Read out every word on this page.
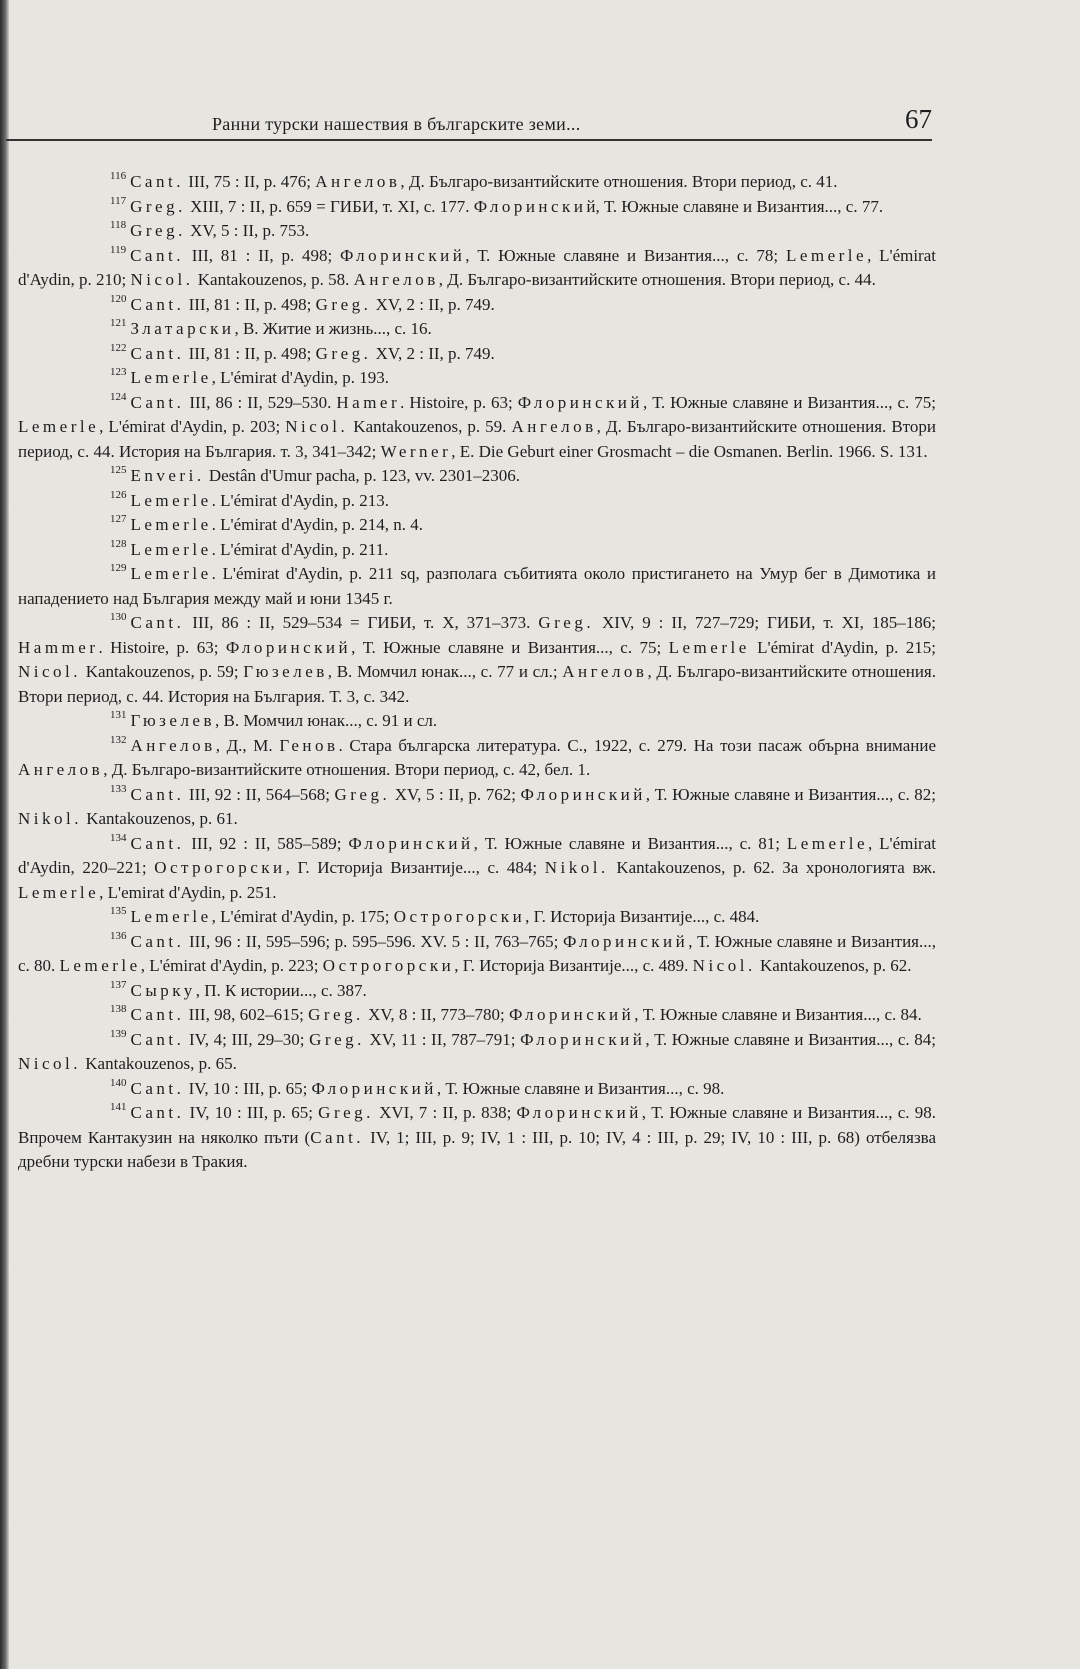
Ранни турски нашествия в българските земи...	67

$^{116}$ Cant. III, 75 : II, p. 476; Ангелов, Д. Българо-византийските отношения. Втори период, с. 41.

$^{117}$ Greg. XIII, 7 : II, p. 659 = ГИБИ, т. XI, с. 177. Флоринский, Т. Южные славяне и Византия..., с. 77.

$^{118}$ Greg. XV, 5 : II, p. 753.

$^{119}$ Cant. III, 81 : II, p. 498; Флоринский, Т. Южные славяне и Византия..., с. 78; Lemerle, L'émirat d'Aydin, p. 210; Nicol. Kantakouzenos, p. 58. Ангелов, Д. Българо-византийските отношения. Втори период, с. 44.

$^{120}$ Cant. III, 81 : II, p. 498; Greg. XV, 2 : II, p. 749.

$^{121}$ Златарски, В. Житие и жизнь..., с. 16.

$^{122}$ Cant. III, 81 : II, p. 498; Greg. XV, 2 : II, p. 749.

$^{123}$ Lemerle, L'émirat d'Aydin, p. 193.

$^{124}$ Cant. III, 86 : II, 529–530. Hamer. Histoire, p. 63; Флоринский, Т. Южные славяне и Византия..., с. 75; Lemerle, L'émirat d'Aydin, p. 203; Nicol. Kantakouzenos, p. 59. Ангелов, Д. Българо-византийските отношения. Втори период, с. 44. История на България. т. 3, 341–342; Werner, E. Die Geburt einer Grosmacht – die Osmanen. Berlin. 1966. S. 131.

$^{125}$ Enveri. Destân d'Umur pacha, p. 123, vv. 2301–2306.

$^{126}$ Lemerle. L'émirat d'Aydin, p. 213.

$^{127}$ Lemerle. L'émirat d'Aydin, p. 214, n. 4.

$^{128}$ Lemerle. L'émirat d'Aydin, p. 211.

$^{129}$ Lemerle. L'émirat d'Aydin, p. 211 sq, разполага събитията около пристигането на Умур бег в Димотика и нападението над България между май и юни 1345 г.

$^{130}$ Cant. III, 86 : II, 529–534 = ГИБИ, т. X, 371–373. Greg. XIV, 9 : II, 727–729; ГИБИ, т. XI, 185–186; Hammer. Histoire, p. 63; Флоринский, Т. Южные славяне и Византия..., с. 75; Lemerle L'émirat d'Aydin, p. 215; Nicol. Kantakouzenos, p. 59; Гюзелев, В. Момчил юнак..., с. 77 и сл.; Ангелов, Д. Българо-византийските отношения. Втори период, с. 44. История на България. Т. 3, с. 342.

$^{131}$ Гюзелев, В. Момчил юнак..., с. 91 и сл.

$^{132}$ Ангелов, Д., М. Генов. Стара българска литература. С., 1922, с. 279. На този пасаж обърна внимание Ангелов, Д. Българо-византийските отношения. Втори период, с. 42, бел. 1.

$^{133}$ Cant. III, 92 : II, 564–568; Greg. XV, 5 : II, p. 762; Флоринский, Т. Южные славяне и Византия..., с. 82; Nikol. Kantakouzenos, p. 61.

$^{134}$ Cant. III, 92 : II, 585–589; Флоринский, Т. Южные славяне и Византия..., с. 81; Lemerle, L'émirat d'Aydin, 220–221; Острогорски, Г. Историја Византије..., с. 484; Nikol. Kantakouzenos, p. 62. За хронологията вж. Lemerle, L'emirat d'Aydin, p. 251.

$^{135}$ Lemerle, L'émirat d'Aydin, p. 175; Острогорски, Г. Историја Византије..., с. 484.

$^{136}$ Cant. III, 96 : II, 595–596; p. 595–596. XV. 5 : II, 763–765; Флоринский, Т. Южные славяне и Византия..., с. 80. Lemerle, L'émirat d'Aydin, p. 223; Острогорски, Г. Историја Византије..., с. 489. Nicol. Kantakouzenos, p. 62.

$^{137}$ Сырку, П. К истории..., с. 387.

$^{138}$ Cant. III, 98, 602–615; Greg. XV, 8 : II, 773–780; Флоринский, Т. Южные славяне и Византия..., с. 84.

$^{139}$ Cant. IV, 4; III, 29–30; Greg. XV, 11 : II, 787–791; Флоринский, Т. Южные славяне и Византия..., с. 84; Nicol. Kantakouzenos, p. 65.

$^{140}$ Cant. IV, 10 : III, p. 65; Флоринский, Т. Южные славяне и Византия..., с. 98.

$^{141}$ Cant. IV, 10 : III, p. 65; Greg. XVI, 7 : II, p. 838; Флоринский, Т. Южные славяне и Византия..., с. 98. Впрочем Кантакузин на няколко пъти (Cant. IV, 1; III, p. 9; IV, 1 : III, p. 10; IV, 4 : III, p. 29; IV, 10 : III, p. 68) отбелязва дребни турски набези в Тракия.
